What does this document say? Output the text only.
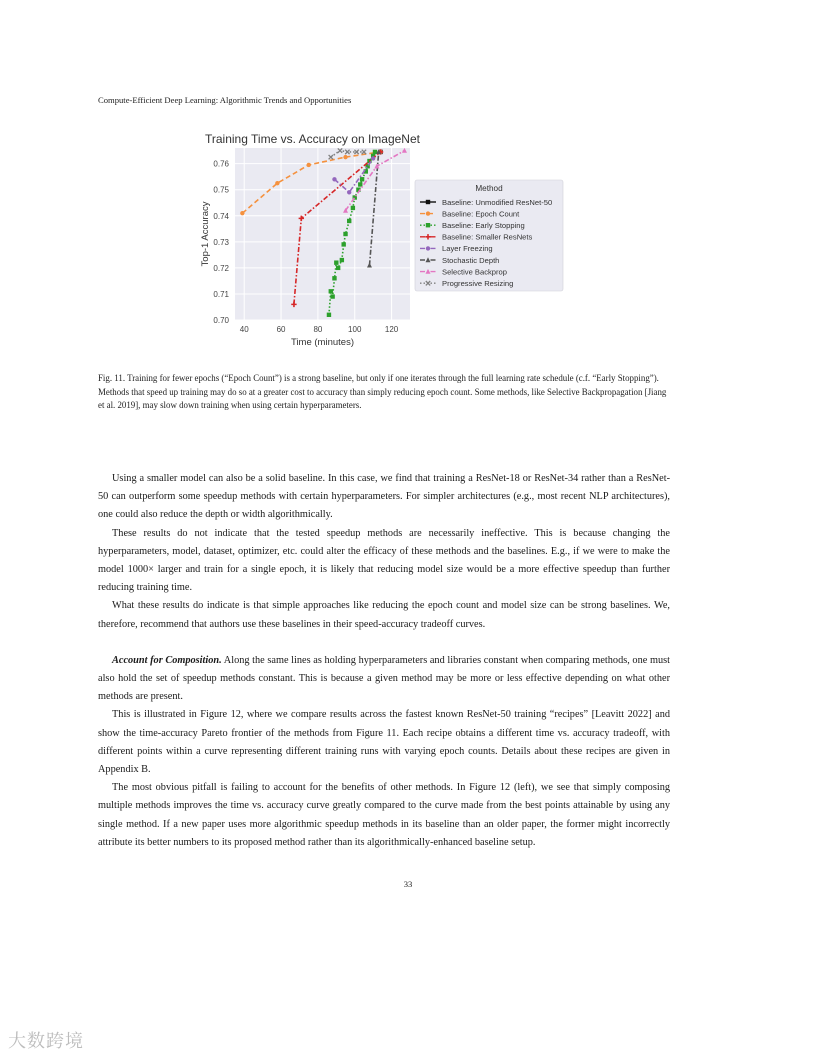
Compute-Efficient Deep Learning: Algorithmic Trends and Opportunities
Training Time vs. Accuracy on ImageNet
40	60	80	100	120
0.70
0.71
0.72
0.73
0.74
0.75
0.76
Time (minutes)
Top-1 Accuracy
Method
Baseline: Unmodified ResNet-50
Baseline: Epoch Count
Baseline: Early Stopping
Baseline: Smaller ResNets
Layer Freezing
Stochastic Depth
Selective Backprop
Progressive Resizing
Fig. 11. Training for fewer epochs (“Epoch Count”) is a strong baseline, but only if one iterates through the full learning rate schedule (c.f. “Early Stopping”). Methods that speed up training may do so at a greater cost to accuracy than simply reducing epoch count. Some methods, like Selective Backpropagation [Jiang et al. 2019], may slow down training when using certain hyperparameters.

Using a smaller model can also be a solid baseline. In this case, we find that training a ResNet-18 or ResNet-34 rather than a ResNet-50 can outperform some speedup methods with certain hyperparameters. For simpler architectures (e.g., most recent NLP architectures), one could also reduce the depth or width algorithmically.

These results do not indicate that the tested speedup methods are necessarily ineffective. This is because changing the hyperparameters, model, dataset, optimizer, etc. could alter the efficacy of these methods and the baselines. E.g., if we were to make the model 1000× larger and train for a single epoch, it is likely that reducing model size would be a more effective speedup than further reducing training time.

What these results do indicate is that simple approaches like reducing the epoch count and model size can be strong baselines. We, therefore, recommend that authors use these baselines in their speed-accuracy tradeoff curves.

Account for Composition. Along the same lines as holding hyperparameters and libraries constant when comparing methods, one must also hold the set of speedup methods constant. This is because a given method may be more or less effective depending on what other methods are present.

This is illustrated in Figure 12, where we compare results across the fastest known ResNet-50 training “recipes” [Leavitt 2022] and show the time-accuracy Pareto frontier of the methods from Figure 11. Each recipe obtains a different time vs. accuracy tradeoff, with different points within a curve representing different training runs with varying epoch counts. Details about these recipes are given in Appendix B.

The most obvious pitfall is failing to account for the benefits of other methods. In Figure 12 (left), we see that simply composing multiple methods improves the time vs. accuracy curve greatly compared to the curve made from the best points attainable by using any single method. If a new paper uses more algorithmic speedup methods in its baseline than an older paper, the former might incorrectly attribute its better numbers to its proposed method rather than its algorithmically-enhanced baseline setup.

33
大数跨境
